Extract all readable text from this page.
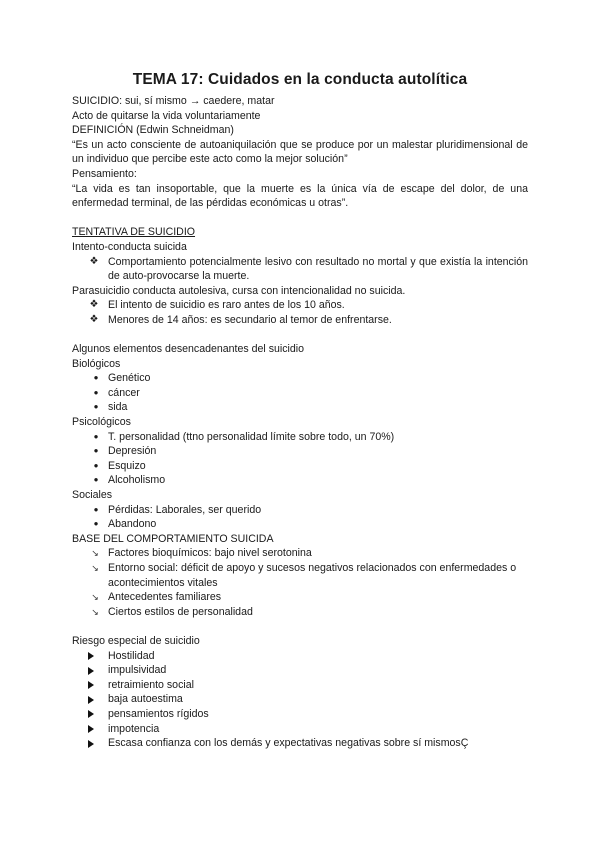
TEMA 17: Cuidados en la conducta autolítica

SUICIDIO: sui, sí mismo → caedere, matar

Acto de quitarse la vida voluntariamente

DEFINICIÓN (Edwin Schneidman)

“Es un acto consciente de autoaniquilación que se produce por un malestar pluridimensional de un individuo que percibe este acto como la mejor solución”

Pensamiento:

“La vida es tan insoportable, que la muerte es la única vía de escape del dolor, de una enfermedad terminal, de las pérdidas económicas u otras”.

TENTATIVA DE SUICIDIO

Intento-conducta suicida

❖ Comportamiento potencialmente lesivo con resultado no mortal y que existía la intención de auto-provocarse la muerte.

Parasuicidio conducta autolesiva, cursa con intencionalidad no suicida.

❖ El intento de suicidio es raro antes de los 10 años.
❖ Menores de 14 años: es secundario al temor de enfrentarse.

Algunos elementos desencadenantes del suicidio

Biológicos

● Genético
● cáncer
● sida

Psicológicos

● T. personalidad (ttno personalidad límite sobre todo, un 70%)
● Depresión
● Esquizo
● Alcoholismo

Sociales

● Pérdidas: Laborales, ser querido
● Abandono

BASE DEL COMPORTAMIENTO SUICIDA

↘ Factores bioquímicos: bajo nivel serotonina
↘ Entorno social: déficit de apoyo y sucesos negativos relacionados con enfermedades o acontecimientos vitales
↘ Antecedentes familiares
↘ Ciertos estilos de personalidad

Riesgo especial de suicidio

Hostilidad
impulsividad
retraimiento social
baja autoestima
pensamientos rígidos
impotencia
Escasa confianza con los demás y expectativas negativas sobre sí mismosÇ
